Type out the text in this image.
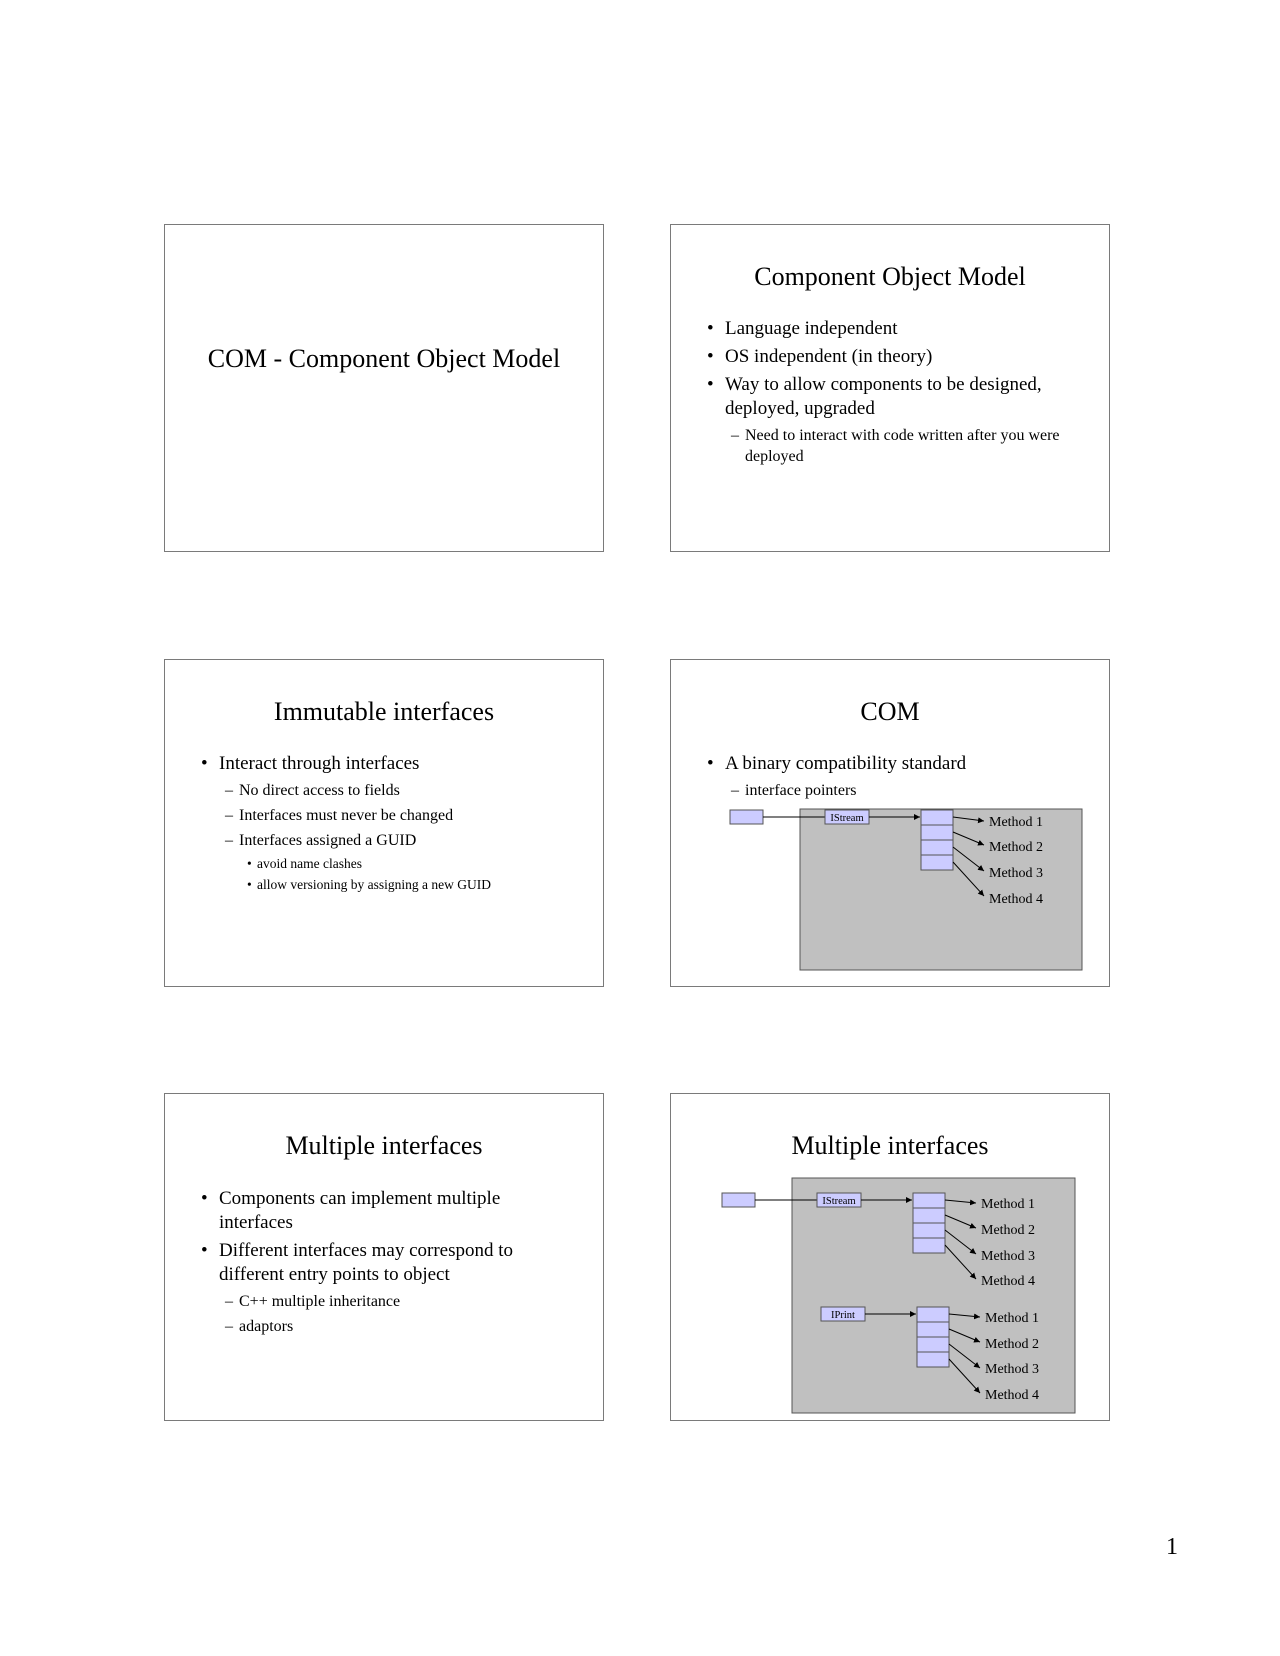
COM - Component Object Model
Component Object Model
• Language independent
• OS independent (in theory)
• Way to allow components to be designed, deployed, upgraded
– Need to interact with code written after you were deployed
Immutable interfaces
• Interact through interfaces
– No direct access to fields
– Interfaces must never be changed
– Interfaces assigned a GUID
• avoid name clashes
• allow versioning by assigning a new GUID
COM
• A binary compatibility standard
– interface pointers
IStream	Method 1
Method 2
Method 3
Method 4
Multiple interfaces
• Components can implement multiple interfaces
• Different interfaces may correspond to different entry points to object
– C++ multiple inheritance
– adaptors
Multiple interfaces
IStream	Method 1
Method 2
Method 3
Method 4
IPrint	Method 1
Method 2
Method 3
Method 4
1
